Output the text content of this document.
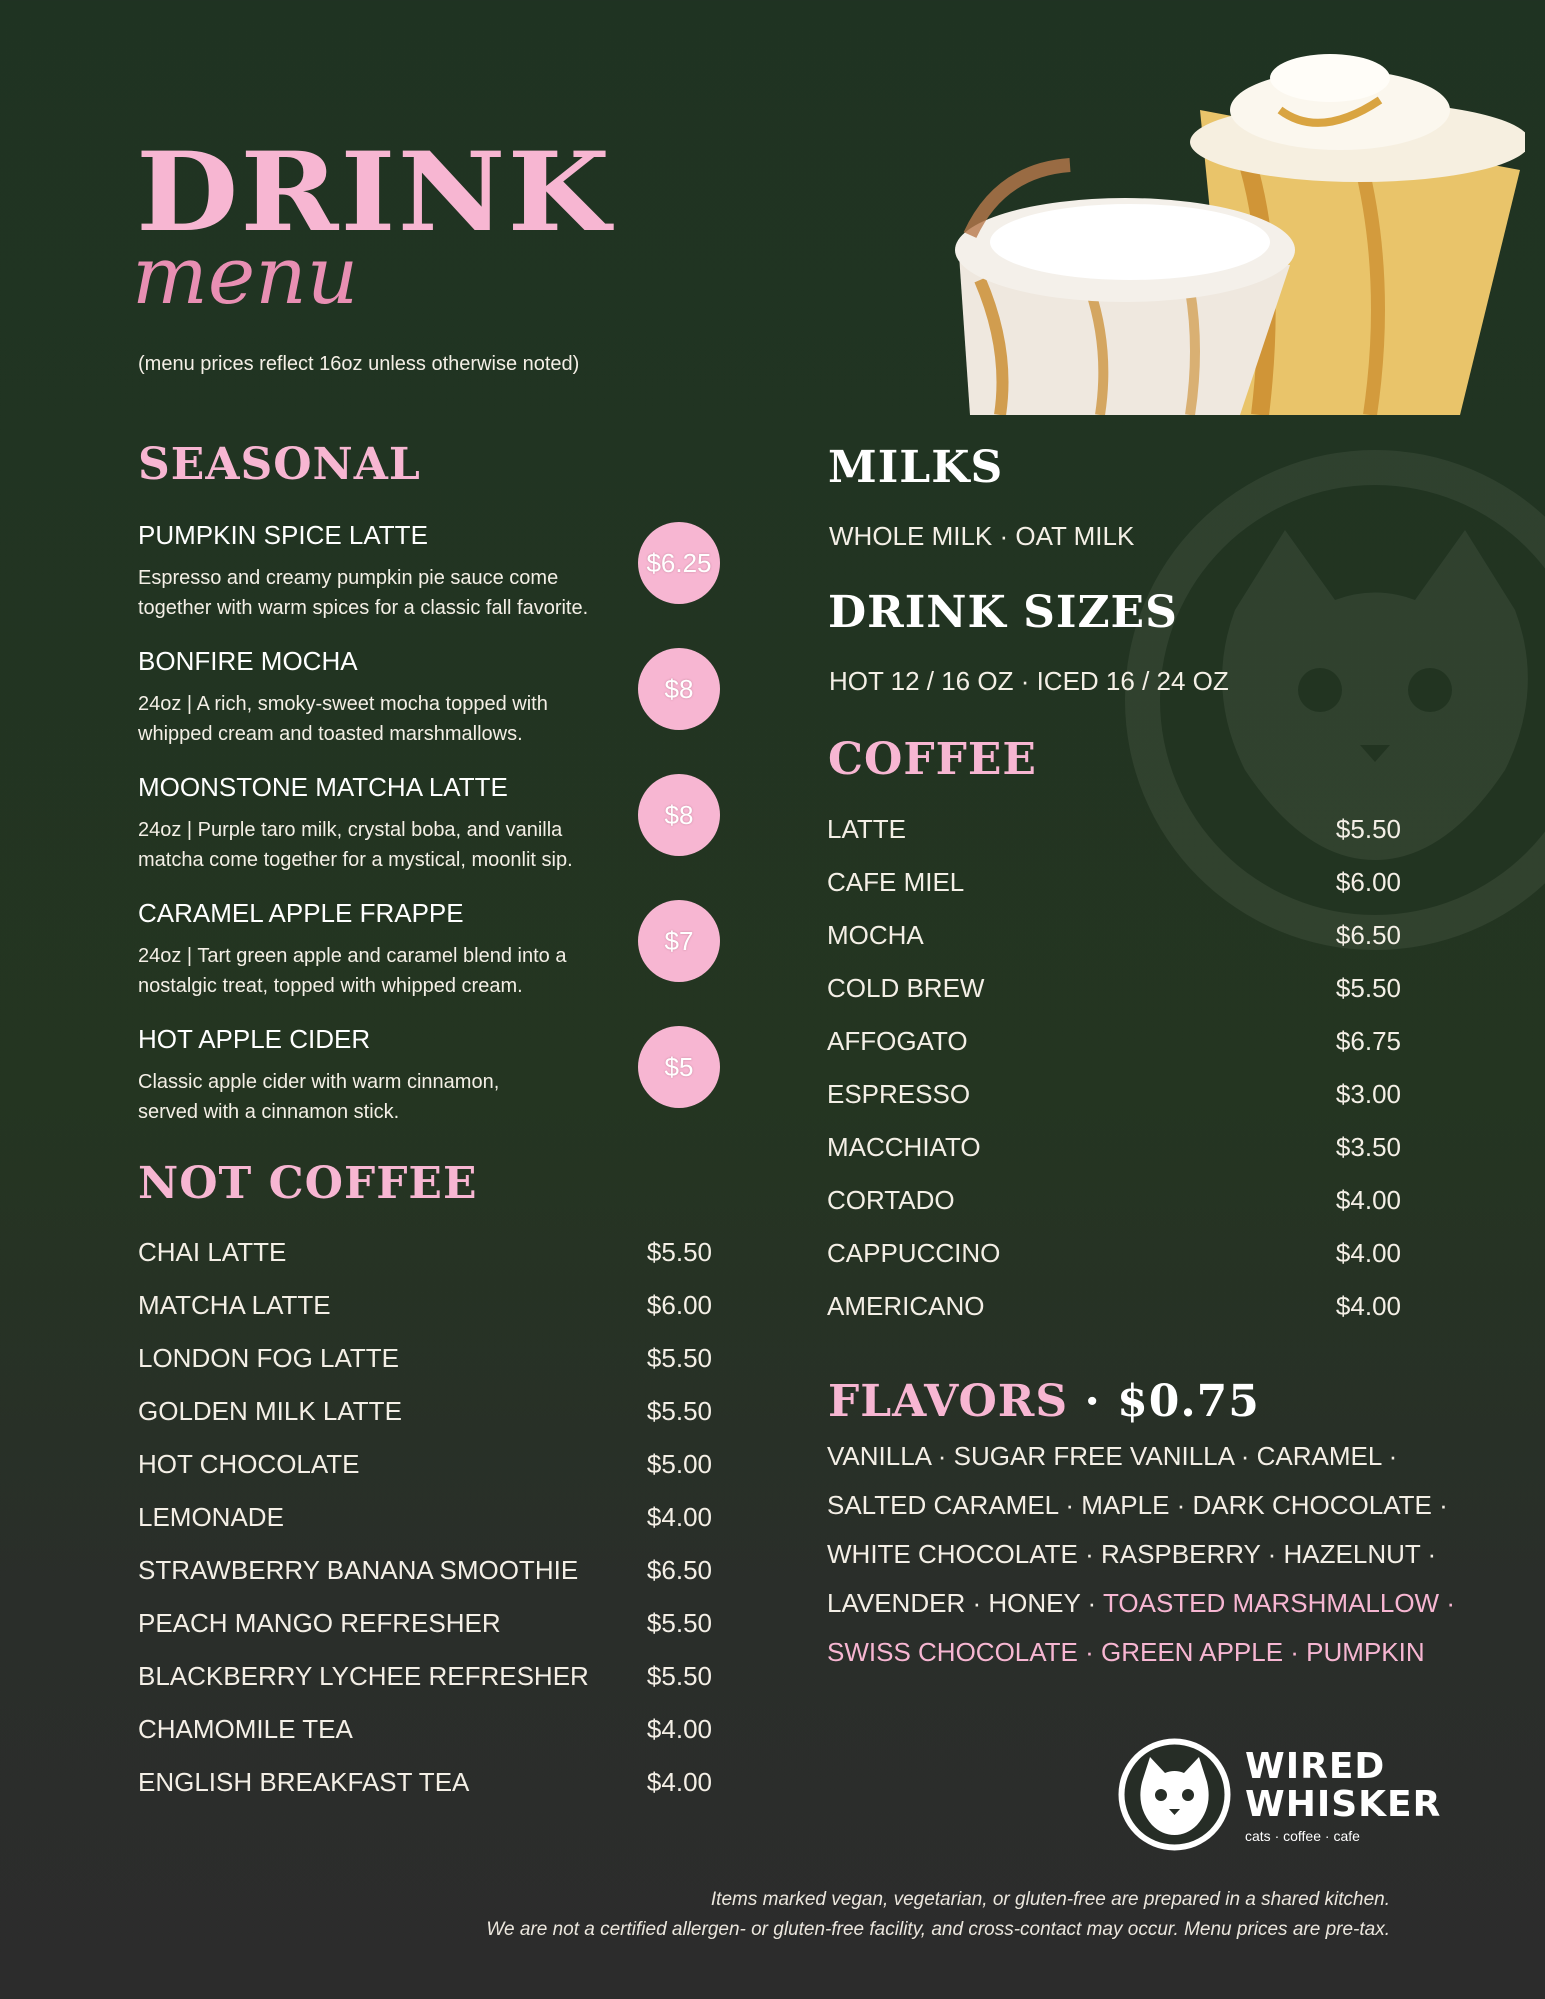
DRINK
menu
(menu prices reflect 16oz unless otherwise noted)
SEASONAL
PUMPKIN SPICE LATTE
Espresso and creamy pumpkin pie sauce come
together with warm spices for a classic fall favorite.
$6.25
BONFIRE MOCHA
24oz | A rich, smoky-sweet mocha topped with
whipped cream and toasted marshmallows.
$8
MOONSTONE MATCHA LATTE
24oz | Purple taro milk, crystal boba, and vanilla
matcha come together for a mystical, moonlit sip.
$8
CARAMEL APPLE FRAPPE
24oz | Tart green apple and caramel blend into a
nostalgic treat, topped with whipped cream.
$7
HOT APPLE CIDER
Classic apple cider with warm cinnamon,
served with a cinnamon stick.
$5
NOT COFFEE
CHAI LATTE	$5.50
MATCHA LATTE	$6.00
LONDON FOG LATTE	$5.50
GOLDEN MILK LATTE	$5.50
HOT CHOCOLATE	$5.00
LEMONADE	$4.00
STRAWBERRY BANANA SMOOTHIE	$6.50
PEACH MANGO REFRESHER	$5.50
BLACKBERRY LYCHEE REFRESHER $5.50
CHAMOMILE TEA	$4.00
ENGLISH BREAKFAST TEA	$4.00
MILKS
WHOLE MILK · OAT MILK
DRINK SIZES
HOT 12 / 16 OZ · ICED 16 / 24 OZ
COFFEE
LATTE	$5.50
CAFE MIEL	$6.00
MOCHA	$6.50
COLD BREW	$5.50
AFFOGATO	$6.75
ESPRESSO	$3.00
MACCHIATO	$3.50
CORTADO	$4.00
CAPPUCCINO	$4.00
AMERICANO	$4.00
FLAVORS · $0.75
VANILLA · SUGAR FREE VANILLA · CARAMEL ·
SALTED CARAMEL · MAPLE · DARK CHOCOLATE ·
WHITE CHOCOLATE · RASPBERRY · HAZELNUT ·
LAVENDER · HONEY · TOASTED MARSHMALLOW ·
SWISS CHOCOLATE · GREEN APPLE · PUMPKIN
WIRED
WHISKER
cats · coffee · cafe
Items marked vegan, vegetarian, or gluten-free are prepared in a shared kitchen.
We are not a certified allergen- or gluten-free facility, and cross-contact may occur. Menu prices are pre-tax.
